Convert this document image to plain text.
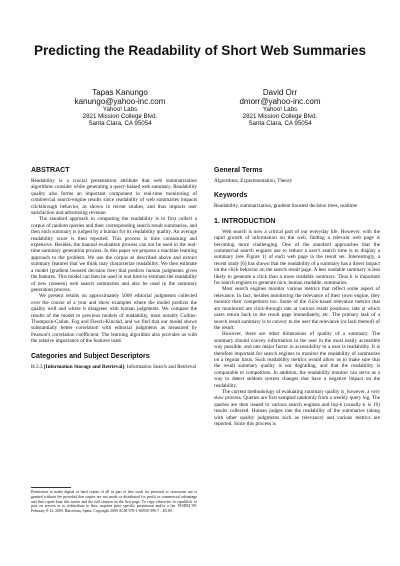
Predicting the Readability of Short Web Summaries
Tapas Kanungo
kanungo@yahoo-inc.com
Yahoo! Labs
2821 Mission College Blvd.
Santa Clara, CA 95054
David Orr
dmorr@yahoo-inc.com
Yahoo! Labs
2821 Mission College Blvd.
Santa Clara, CA 95054
ABSTRACT

Readability is a crucial presentation attribute that web summarization algorithms consider while generating a query-baised web summary. Readability quality also forms an important component in real-time monitoring of commercial search-engine results since readability of web summaries impacts clickthrough behavior, as shown in recent studies, and thus impacts user satisfaction and advertising revenue.

The standard approach to computing the readability is to first collect a corpus of random queries and their corresponding search result summaries, and then each summary is judged by a human for its readability quality. An average readability score is then reported. This process is time consuming and expensive. Besides, the manual evaluation process can not be used in the real-time summary generation process. In this paper we propose a machine learning approach to the problem. We use the corpus as described above and extract summary features that we think may characterize readability. We then estimate a model (gradient boosted decision tree) that predicts human judgments given the features. This model can then be used in real time to estimate the readability of new (unseen) web search summaries and also be used in the summary generation process.

We present results on approximately 5000 editorial judgments collected over the course of a year and show examples where the model predicts the quality well and where it disagrees with human judgments. We compare the results of the model to previous models of readability, most notably Collins-Thompson-Callan, Fog and Flesch-Kincaid, and we find that our model shows substantially better correlation with editorial judgments as measured by Pearson's correlation coefficient. The learning algorithm also provides us with the relative importance of the features used.

Categories and Subject Descriptors

H.3.3 [Information Storage and Retrieval]: Information Search and Retrieval

Permission to make digital or hard copies of all or part of this work for personal or classroom use is granted without fee provided that copies are not made or distributed for profit or commercial advantage and that copies bear this notice and the full citation on the first page. To copy otherwise, to republish, to post on servers or to redistribute to lists, requires prior specific permission and/or a fee. WSDM '09, February 9-12, 2009, Barcelona, Spain. Copyright 2009 ACM 978-1-60558-390-7 ...$5.00.
General Terms

Algorithms, Experimentation, Theory

Keywords

Readability, summarization, gradient boosted decision trees, realtime

1. INTRODUCTION

Web search is now a critical part of our everyday life. However, with the rapid growth of information on the web, finding a relevant web page is becoming more challenging. One of the standard approaches that the commercial search engines use to reduce a user's search time is to display a summary (see Figure 1) of each web page in the result set. Interestingly, a recent study [6] has shown that the readability of a summary has a direct impact on the click behavior on the search result page. A less readable summary is less likely to generate a click than a more readable summary. Thus it is important for search engines to generate nice, human readable, summaries.

Most search engines monitor various metrics that reflect some aspect of relevance. In fact, besides monitoring the relevance of their (own engine, they monitor their competitors too. Some of the click-based relevance metrics that are monitored are click-through rate at various result positions, rate at which users return back to the result page immediately, etc. The primary task of a search result summary is to convey to the user the relevance (or lack thereof) of the result.

However, there are other dimensions of quality of a summary. The summary should convey information to the user in the most easily accessible way possible, and one major factor in accessibility to a user is readability. It is therefore important for search engines to monitor the readability of summaries on a regular basis. Such readability metrics would allow us to make sure that the result summary quality is not degrading, and that the readability is comparable to competitors. In addition, the readability monitor can serve as a way to detect seldom system changes that have a negative impact on the readability.

The current methodology of evaluating summary quality is, however, a very slow process. Queries are first sampled randomly from a weekly query log. The queries are then issued to various search engines and top-k (usually k is 10) results collected. Human judges rate the readability of the summaries (along with other quality judgments such as relevance) and various metrics are reported. Since this process is
